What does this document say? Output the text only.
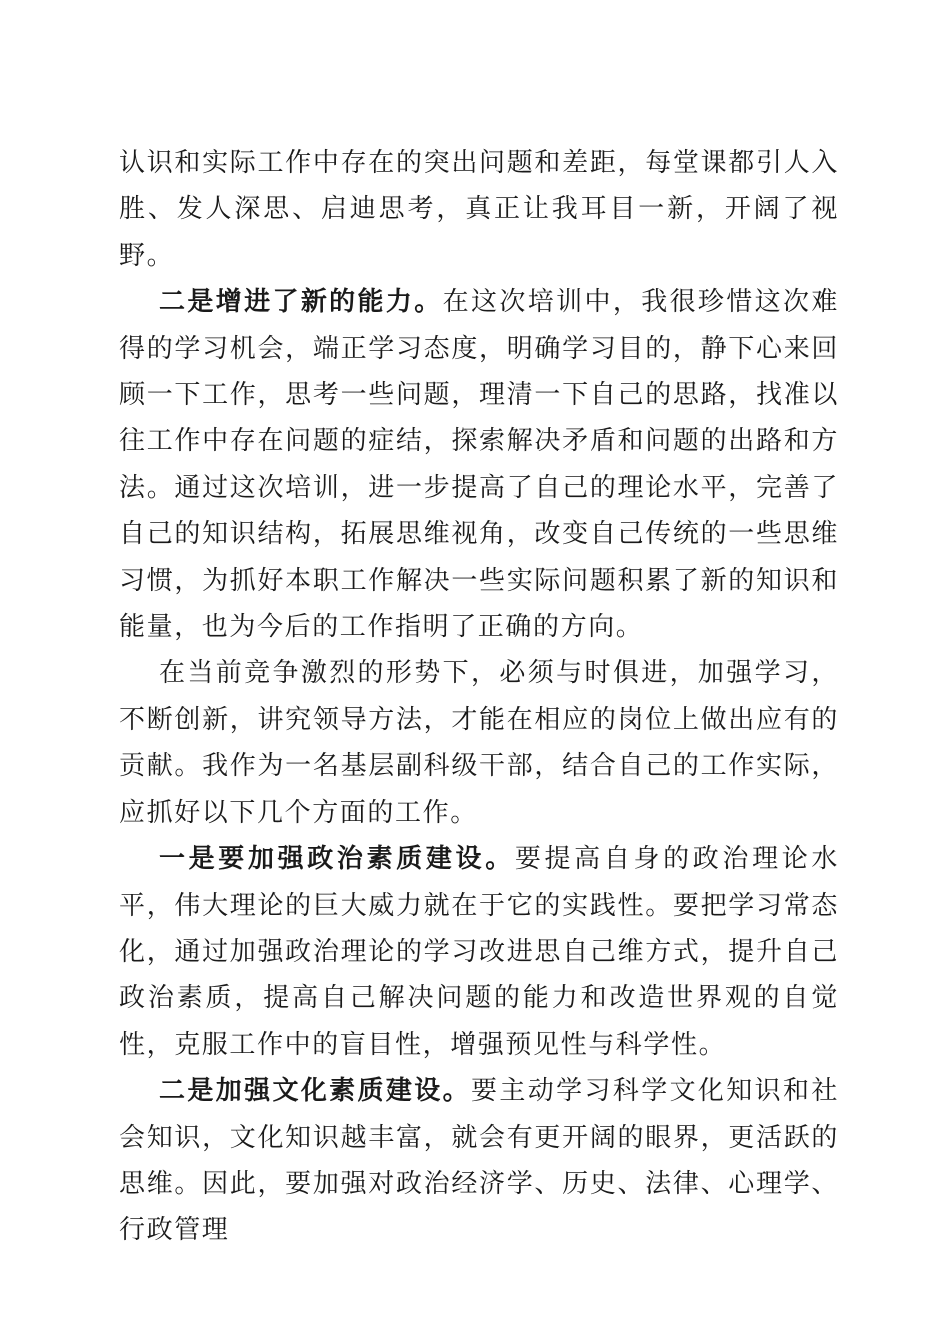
认识和实际工作中存在的突出问题和差距，每堂课都引人入胜、发人深思、启迪思考，真正让我耳目一新，开阔了视野。

二是增进了新的能力。在这次培训中，我很珍惜这次难得的学习机会，端正学习态度，明确学习目的，静下心来回顾一下工作，思考一些问题，理清一下自己的思路，找准以往工作中存在问题的症结，探索解决矛盾和问题的出路和方法。通过这次培训，进一步提高了自己的理论水平，完善了自己的知识结构，拓展思维视角，改变自己传统的一些思维习惯，为抓好本职工作解决一些实际问题积累了新的知识和能量，也为今后的工作指明了正确的方向。

在当前竞争激烈的形势下，必须与时俱进，加强学习，不断创新，讲究领导方法，才能在相应的岗位上做出应有的贡献。我作为一名基层副科级干部，结合自己的工作实际，应抓好以下几个方面的工作。

一是要加强政治素质建设。要提高自身的政治理论水平，伟大理论的巨大威力就在于它的实践性。要把学习常态化，通过加强政治理论的学习改进思自己维方式，提升自己政治素质，提高自己解决问题的能力和改造世界观的自觉性，克服工作中的盲目性，增强预见性与科学性。

二是加强文化素质建设。要主动学习科学文化知识和社会知识，文化知识越丰富，就会有更开阔的眼界，更活跃的思维。因此，要加强对政治经济学、历史、法律、心理学、行政管理
